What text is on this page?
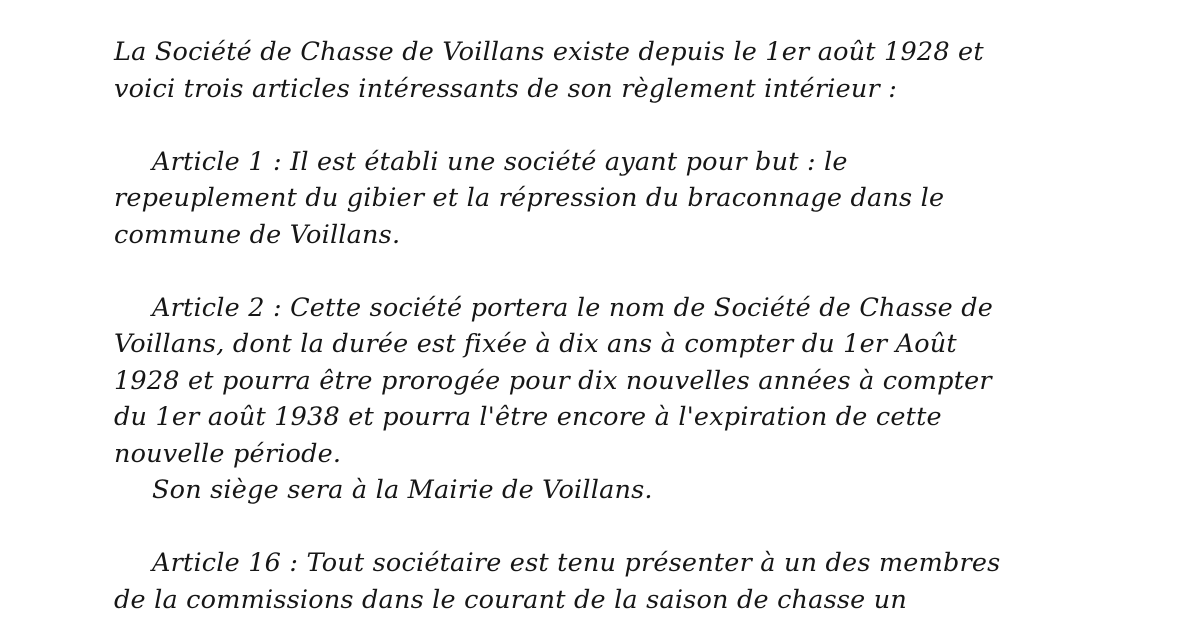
La Société de Chasse de Voillans existe depuis le 1er août 1928 et
voici trois articles intéressants de son règlement intérieur :
Article 1 : Il est établi une société ayant pour but : le
repeuplement du gibier et la répression du braconnage dans le
commune de Voillans.
Article 2 : Cette société portera le nom de Société de Chasse de
Voillans, dont la durée est fixée à dix ans à compter du 1er Août
1928 et pourra être prorogée pour dix nouvelles années à compter
du 1er août 1938 et pourra l'être encore à l'expiration de cette
nouvelle période.
Son siège sera à la Mairie de Voillans.
Article 16 : Tout sociétaire est tenu présenter à un des membres
de la commissions dans le courant de la saison de chasse un
